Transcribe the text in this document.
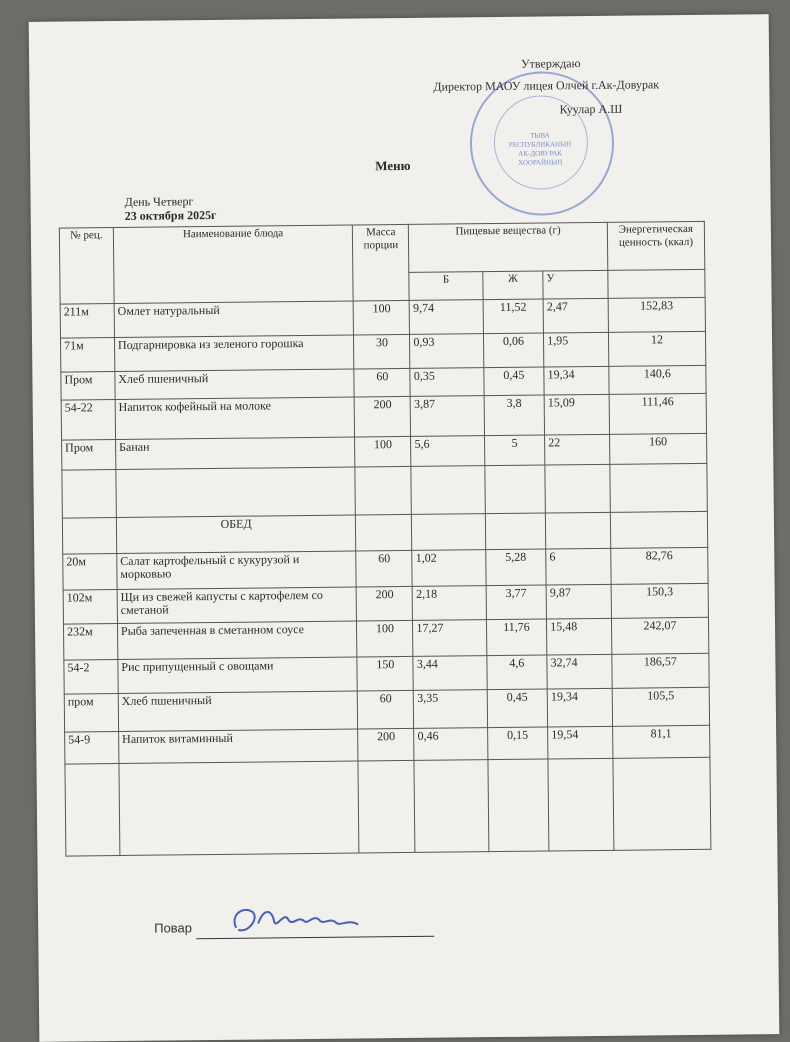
ТЫВА РЕСПУБЛИКАНЫН АК-ДОВУРАК ХООРАЙНЫН
Утверждаю
Директор МАОУ лицея Олчей г.Ак-Довурак
Куулар А.Ш
Меню
День Четверг
23 октября 2025г
№ рец.	Наименование блюда	Масса порции	Пищевые вещества (г)			Энергетическая ценность (ккал)
			Б	Ж	У	
211м	Омлет натуральный	100	9,74	11,52	2,47	152,83
71м	Подгарнировка из зеленого горошка	30	0,93	0,06	1,95	12
Пром	Хлеб пшеничный	60	0,35	0,45	19,34	140,6
54-22	Напиток кофейный на молоке	200	3,87	3,8	15,09	111,46
Пром	Банан	100	5,6	5	22	160

	ОБЕД					
20м	Салат картофельный с кукурузой и морковью	60	1,02	5,28	6	82,76
102м	Щи из свежей капусты с картофелем со сметаной	200	2,18	3,77	9,87	150,3
232м	Рыба запеченная в сметанном соусе	100	17,27	11,76	15,48	242,07
54-2	Рис припущенный с овощами	150	3,44	4,6	32,74	186,57
пром	Хлеб пшеничный	60	3,35	0,45	19,34	105,5
54-9	Напиток витаминный	200	0,46	0,15	19,54	81,1

Повар
Ооржак
